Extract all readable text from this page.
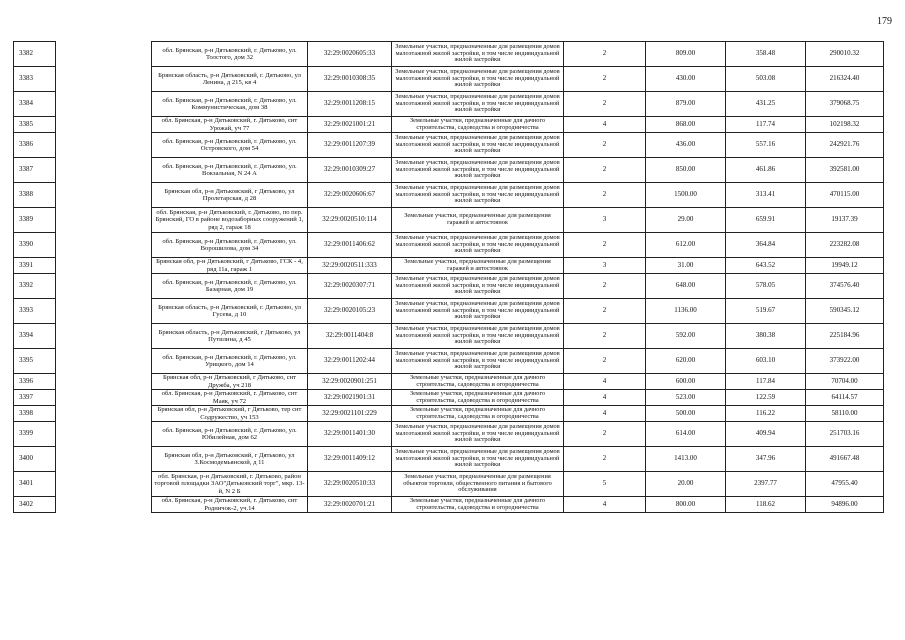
179
3382		обл. Брянская, р-н Дятьковский, г. Дятьково, ул. Толстого, дом 32	32:29:0020605:33	Земельные участки, предназначенные для размещения домов малоэтажной жилой застройки, в том числе индивидуальной жилой застройки	2	809.00	358.48	290010.32
3383		Брянская область, р-н Дятьковский, г. Дятьково, ул Ленина, д 215, кв 4	32:29:0010308:35	Земельные участки, предназначенные для размещения домов малоэтажной жилой застройки, в том числе индивидуальной жилой застройки	2	430.00	503.08	216324.40
3384		обл. Брянская, р-н Дятьковский, г. Дятьково, ул. Коммунистическая, дом 38	32:29:0011208:15	Земельные участки, предназначенные для размещения домов малоэтажной жилой застройки, в том числе индивидуальной жилой застройки	2	879.00	431.25	379068.75
3385		обл. Брянская, р-н Дятьковский, г. Дятьково, снт Урожай, уч 77	32:29:0021001:21	Земельные участки, предназначенные для дачного строительства, садоводства и огородничества	4	868.00	117.74	102198.32
3386		обл. Брянская, р-н Дятьковский, г. Дятьково, ул. Островского, дом 54	32:29:0011207:39	Земельные участки, предназначенные для размещения домов малоэтажной жилой застройки, в том числе индивидуальной жилой застройки	2	436.00	557.16	242921.76
3387		обл. Брянская, р-н Дятьковский, г. Дятьково, ул. Вокзальная, N 24 А	32:29:0010309:27	Земельные участки, предназначенные для размещения домов малоэтажной жилой застройки, в том числе индивидуальной жилой застройки	2	850.00	461.86	392581.00
3388		Брянская обл, р-н Дятьковский, г Дятьково, ул Пролетарская, д 28	32:29:0020606:67	Земельные участки, предназначенные для размещения домов малоэтажной жилой застройки, в том числе индивидуальной жилой застройки	2	1500.00	313.41	470115.00
3389		обл. Брянская, р-н Дятьковский, г. Дятьково, по пер. Брянский, ГО в районе водозаборных сооружений 1, ряд 2, гараж 18	32:29:0020510:114	Земельные участки, предназначенные для размещения гаражей и автостоянок	3	29.00	659.91	19137.39
3390		обл. Брянская, р-н Дятьковский, г. Дятьково, ул. Ворошилова, дом 34	32:29:0011406:62	Земельные участки, предназначенные для размещения домов малоэтажной жилой застройки, в том числе индивидуальной жилой застройки	2	612.00	364.84	223282.08
3391		Брянская обл, р-н Дятьковский, г Дятьково, ГСК - 4, ряд 11а, гараж 1	32:29:0020511:333	Земельные участки, предназначенные для размещения гаражей и автостоянок	3	31.00	643.52	19949.12
3392		обл. Брянская, р-н Дятьковский, г. Дятьково, ул. Базарная, дом 19	32:29:0020307:71	Земельные участки, предназначенные для размещения домов малоэтажной жилой застройки, в том числе индивидуальной жилой застройки	2	648.00	578.05	374576.40
3393		Брянская область, р-н Дятьковский, г. Дятьково, ул Гусева, д 10	32:29:0020105:23	Земельные участки, предназначенные для размещения домов малоэтажной жилой застройки, в том числе индивидуальной жилой застройки	2	1136.00	519.67	590345.12
3394		Брянская область, р-н Дятьковский, г Дятьково, ул Путилина, д 45	32:29:0011404:8	Земельные участки, предназначенные для размещения домов малоэтажной жилой застройки, в том числе индивидуальной жилой застройки	2	592.00	380.38	225184.96
3395		обл. Брянская, р-н Дятьковский, г. Дятьково, ул. Урицкого, дом 14	32:29:0011202:44	Земельные участки, предназначенные для размещения домов малоэтажной жилой застройки, в том числе индивидуальной жилой застройки	2	620.00	603.10	373922.00
3396		Брянская обл, р-н Дятьковский, г Дятьково, снт Дружба, уч 218	32:29:0020901:251	Земельные участки, предназначенные для дачного строительства, садоводства и огородничества	4	600.00	117.84	70704.00
3397		обл. Брянская, р-н Дятьковский, г. Дятьково, снт Маяк, уч 72	32:29:0021901:31	Земельные участки, предназначенные для дачного строительства, садоводства и огородничества	4	523.00	122.59	64114.57
3398		Брянская обл, р-н Дятьковский, г Дятьково, тер снт Содружество, уч 153	32:29:0021101:229	Земельные участки, предназначенные для дачного строительства, садоводства и огородничества	4	500.00	116.22	58110.00
3399		обл. Брянская, р-н Дятьковский, г. Дятьково, ул. Юбилейная, дом 62	32:29:0011401:30	Земельные участки, предназначенные для размещения домов малоэтажной жилой застройки, в том числе индивидуальной жилой застройки	2	614.00	409.94	251703.16
3400		Брянская обл, р-н Дятьковский, г Дятьково, ул З.Космодемьянской, д 11	32:29:0011409:12	Земельные участки, предназначенные для размещения домов малоэтажной жилой застройки, в том числе индивидуальной жилой застройки	2	1413.00	347.96	491667.48
3401		обл. Брянская, р-н Дятьковский, г. Дятьково, район торговой площадки ЗАО"Дятьковский торг", мкр. 13-й, N 2 Б	32:29:0020510:33	Земельные участки, предназначенные для размещения объектов торговли, общественного питания и бытового обслуживания	5	20.00	2397.77	47955.40
3402		обл. Брянская, р-н Дятьковский, г. Дятьково, снт Родничок-2, уч.14	32:29:0020701:21	Земельные участки, предназначенные для дачного строительства, садоводства и огородничества	4	800.00	118.62	94896.00
